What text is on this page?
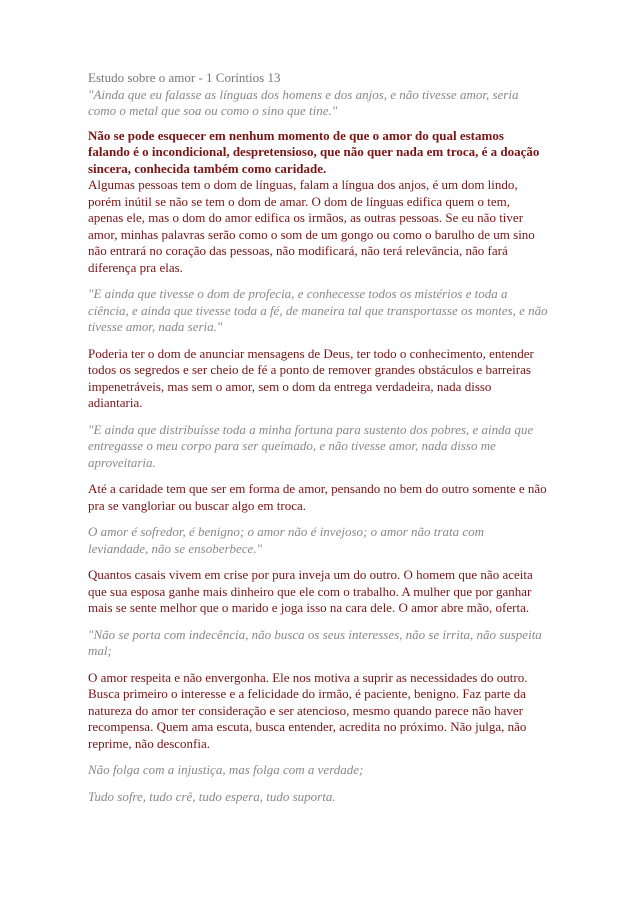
Estudo sobre o amor - 1 Coríntios 13

"Ainda que eu falasse as línguas dos homens e dos anjos, e não tivesse amor, seria
como o metal que soa ou como o sino que tine."

Não se pode esquecer em nenhum momento de que o amor do qual estamos
falando é o incondicional, despretensioso, que não quer nada em troca, é a doação
sincera, conhecida também como caridade.

Algumas pessoas tem o dom de línguas, falam a língua dos anjos, é um dom lindo,
porém inútil se não se tem o dom de amar. O dom de línguas edifica quem o tem,
apenas ele, mas o dom do amor edifica os irmãos, as outras pessoas. Se eu não tiver
amor, minhas palavras serão como o som de um gongo ou como o barulho de um sino
não entrará no coração das pessoas, não modificará, não terá relevância, não fará
diferença pra elas.

"E ainda que tivesse o dom de profecia, e conhecesse todos os mistérios e toda a
ciência, e ainda que tivesse toda a fé, de maneira tal que transportasse os montes, e não
tivesse amor, nada seria."

Poderia ter o dom de anunciar mensagens de Deus, ter todo o conhecimento, entender
todos os segredos e ser cheio de fé a ponto de remover grandes obstáculos e barreiras
impenetráveis, mas sem o amor, sem o dom da entrega verdadeira, nada disso
adiantaria.

"E ainda que distribuísse toda a minha fortuna para sustento dos pobres, e ainda que
entregasse o meu corpo para ser queimado, e não tivesse amor, nada disso me
aproveitaria.

Até a caridade tem que ser em forma de amor, pensando no bem do outro somente e não
pra se vangloriar ou buscar algo em troca.

O amor é sofredor, é benigno; o amor não é invejoso; o amor não trata com
leviandade, não se ensoberbece."

Quantos casais vivem em crise por pura inveja um do outro. O homem que não aceita
que sua esposa ganhe mais dinheiro que ele com o trabalho. A mulher que por ganhar
mais se sente melhor que o marido e joga isso na cara dele. O amor abre mão, oferta.

"Não se porta com indecência, não busca os seus interesses, não se irrita, não suspeita
mal;

O amor respeita e não envergonha. Ele nos motiva a suprir as necessidades do outro.
Busca primeiro o interesse e a felicidade do irmão, é paciente, benigno. Faz parte da
natureza do amor ter consideração e ser atencioso, mesmo quando parece não haver
recompensa. Quem ama escuta, busca entender, acredita no próximo. Não julga, não
reprime, não desconfia.

Não folga com a injustiça, mas folga com a verdade;

Tudo sofre, tudo crê, tudo espera, tudo suporta.
